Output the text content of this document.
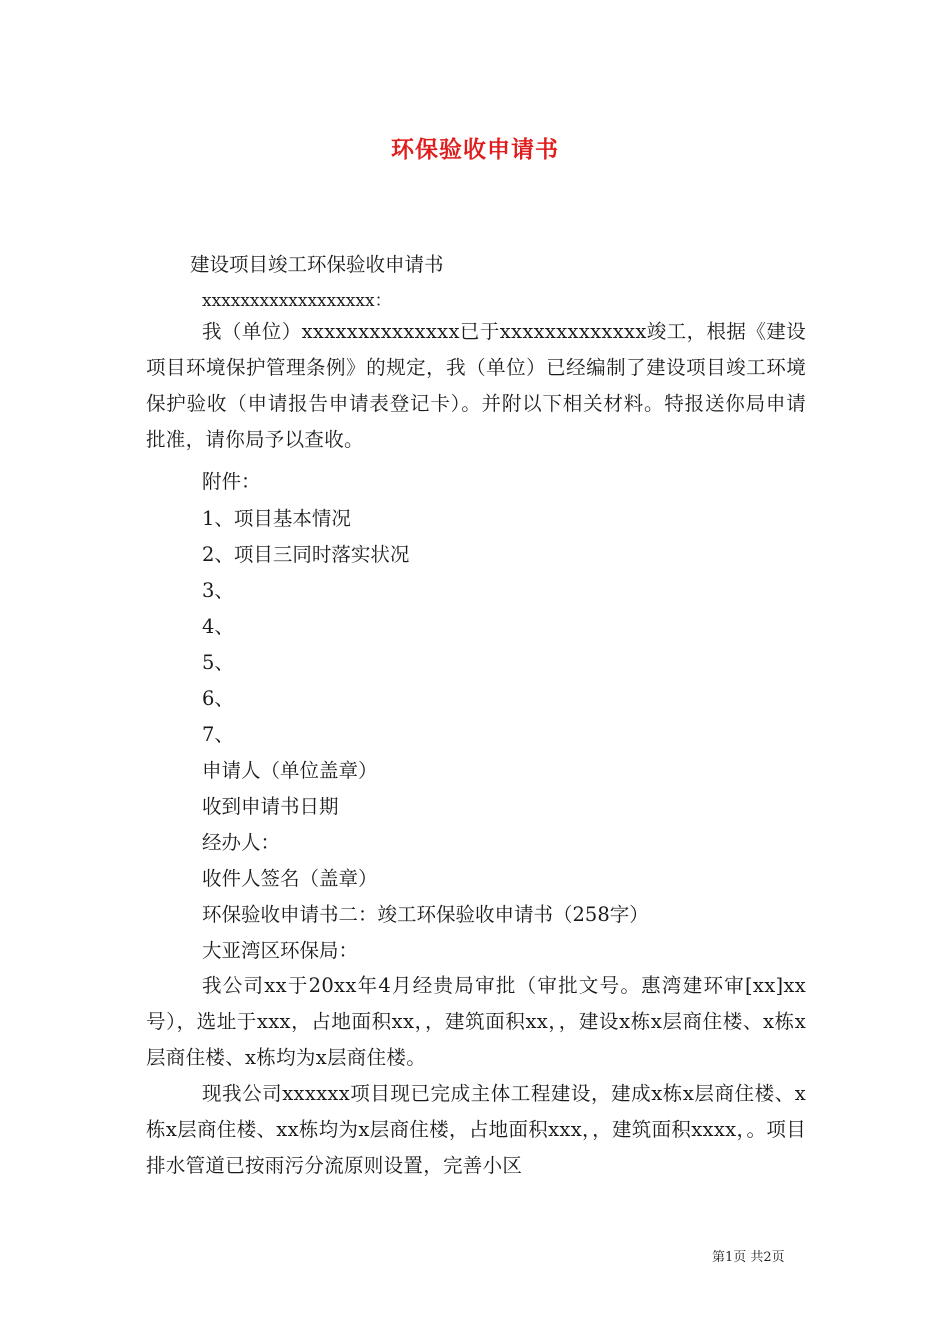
环保验收申请书
建设项目竣工环保验收申请书
xxxxxxxxxxxxxxxxxx：
我（单位）xxxxxxxxxxxxxx已于xxxxxxxxxxxxx竣工，根据《建设项目环境保护管理条例》的规定，我（单位）已经编制了建设项目竣工环境保护验收（申请报告申请表登记卡）。并附以下相关材料。特报送你局申请批准，请你局予以查收。
附件：
1、项目基本情况
2、项目三同时落实状况
3、
4、
5、
6、
7、
申请人（单位盖章）
收到申请书日期
经办人：
收件人签名（盖章）
环保验收申请书二：竣工环保验收申请书（258字）
大亚湾区环保局：
我公司xx于20xx年4月经贵局审批（审批文号。惠湾建环审[xx]xx号），选址于xxx，占地面积xx，，建筑面积xx，，建设x栋x层商住楼、x栋x层商住楼、x栋均为x层商住楼。
现我公司xxxxxx项目现已完成主体工程建设，建成x栋x层商住楼、x栋x层商住楼、xx栋均为x层商住楼，占地面积xxx，，建筑面积xxxx，。项目排水管道已按雨污分流原则设置，完善小区
第1页 共2页
